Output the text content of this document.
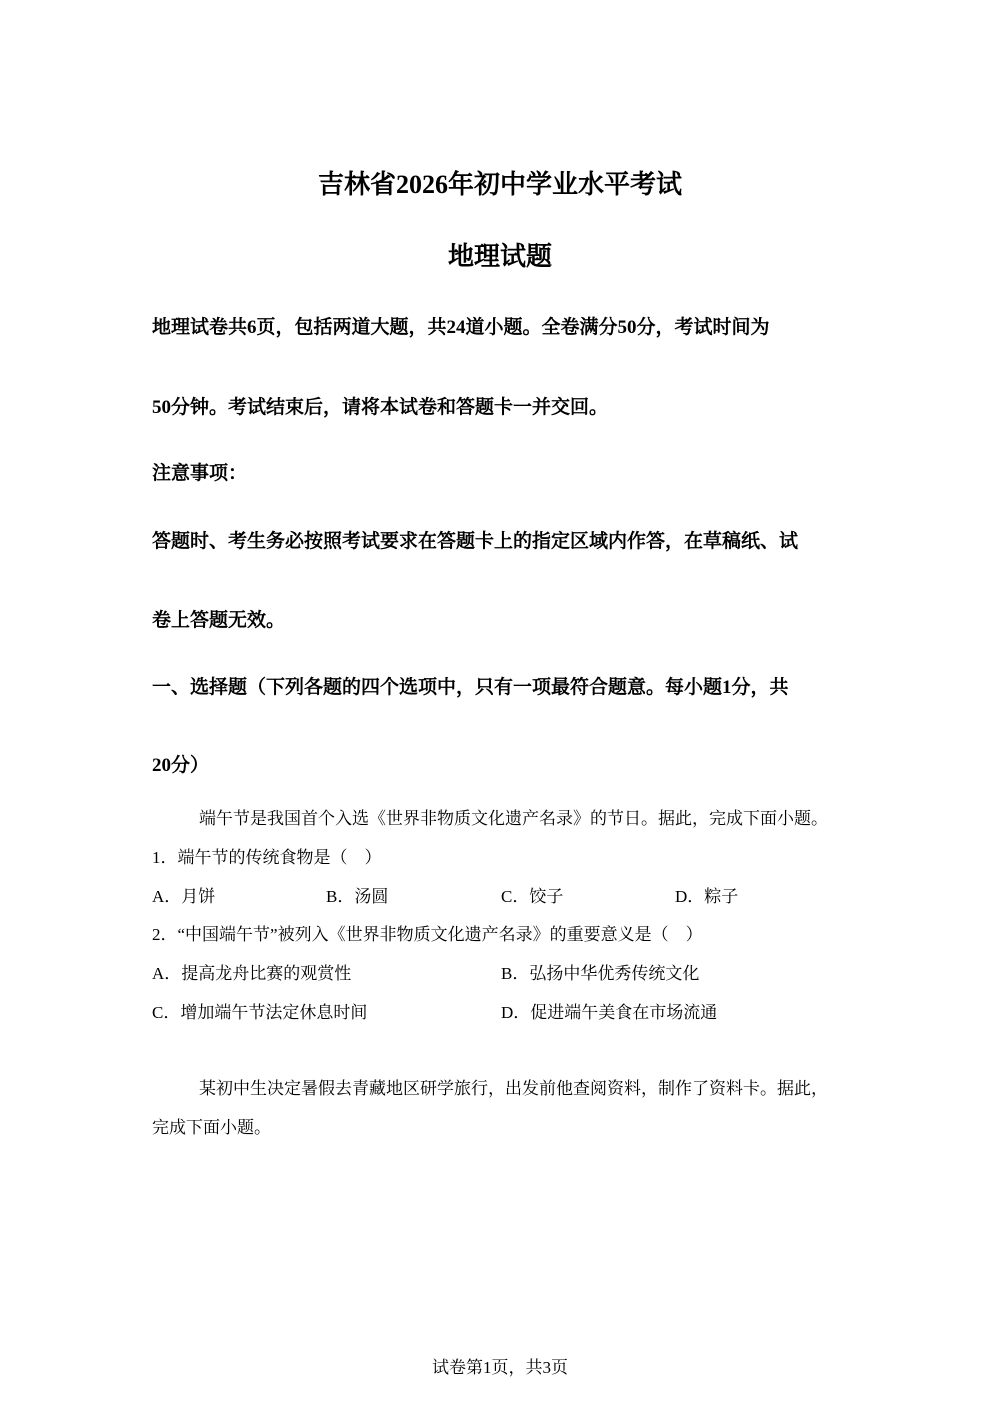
吉林省2026年初中学业水平考试
地理试题
地理试卷共6页，包括两道大题，共24道小题。全卷满分50分，考试时间为
50分钟。考试结束后，请将本试卷和答题卡一并交回。
注意事项：
答题时、考生务必按照考试要求在答题卡上的指定区域内作答，在草稿纸、试
卷上答题无效。
一、选择题（下列各题的四个选项中，只有一项最符合题意。每小题1分，共
20分）
端午节是我国首个入选《世界非物质文化遗产名录》的节日。据此，完成下面小题。
1．端午节的传统食物是（　）
A．月饼	B．汤圆	C．饺子	D．粽子
2．“中国端午节”被列入《世界非物质文化遗产名录》的重要意义是（　）
A．提高龙舟比赛的观赏性	B．弘扬中华优秀传统文化
C．增加端午节法定休息时间	D．促进端午美食在市场流通
某初中生决定暑假去青藏地区研学旅行，出发前他查阅资料，制作了资料卡。据此，
完成下面小题。
试卷第1页，共3页
